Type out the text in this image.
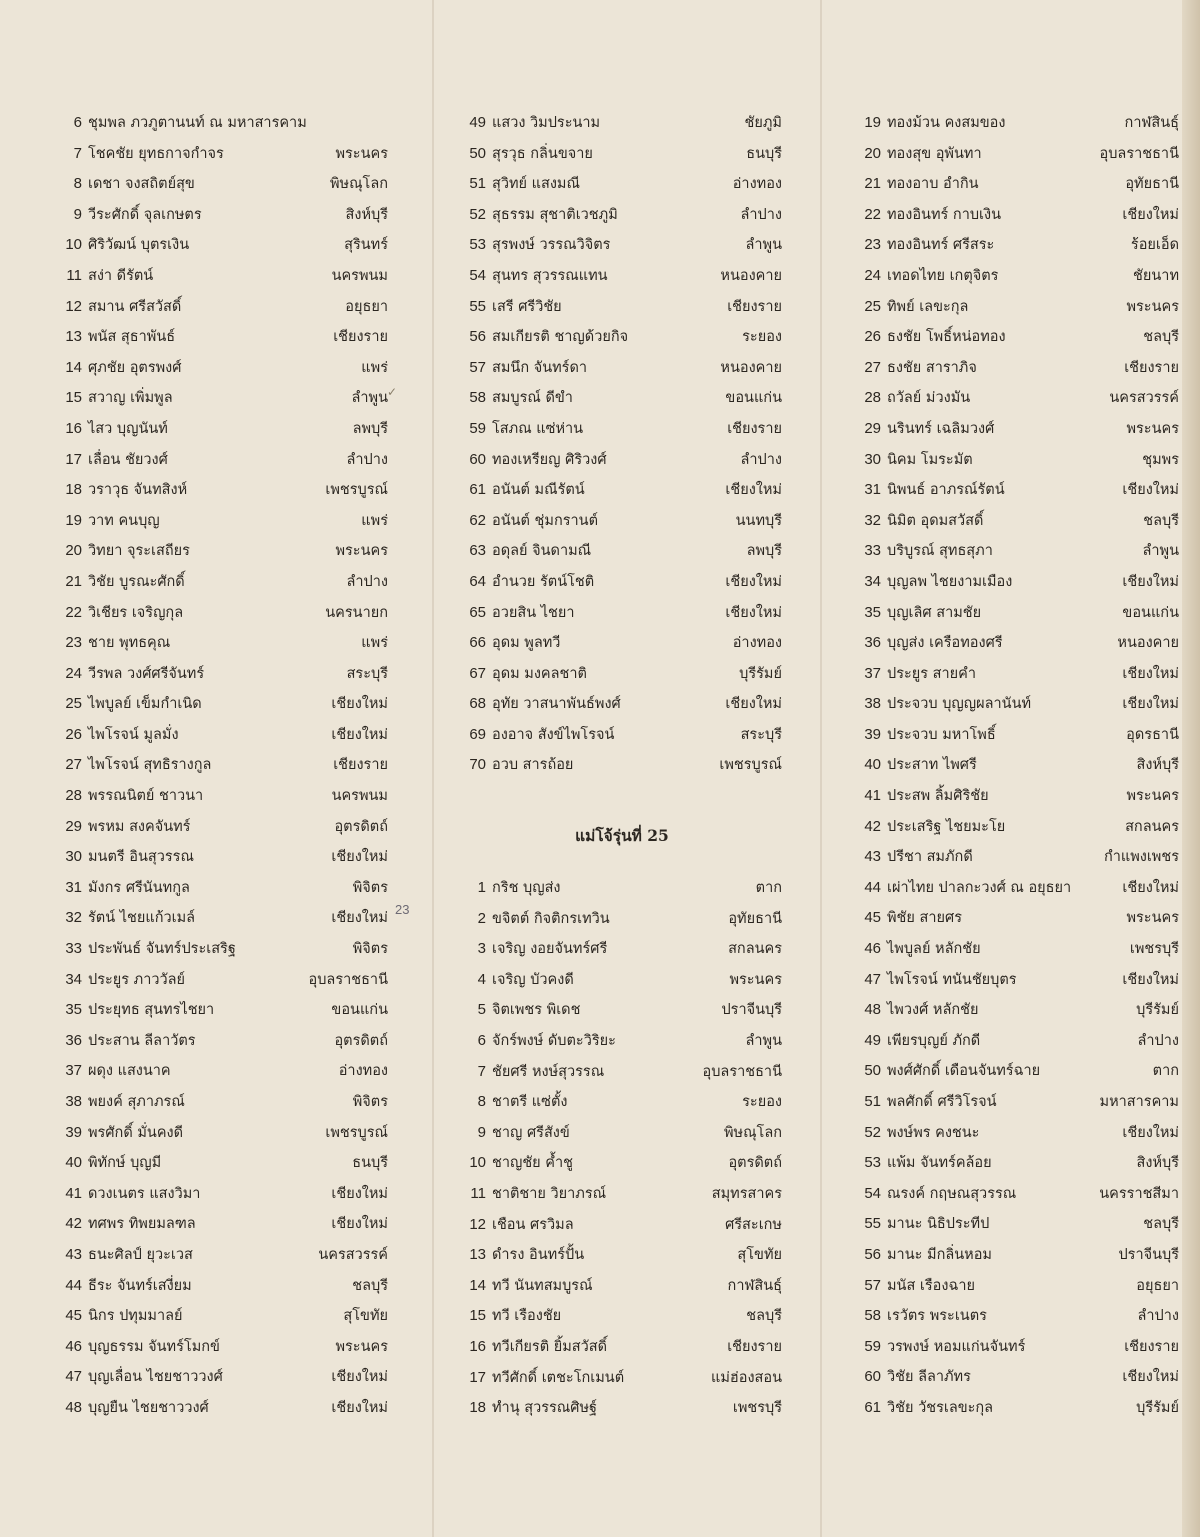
6 ชุมพล ภวภูตานนท์ ณ มหาสารคาม
7 โชคชัย ยุทธกาจกำจร	พระนคร
8 เดชา จงสถิตย์สุข	พิษณุโลก
9 วีระศักดิ์ จุลเกษตร	สิงห์บุรี
10 ศิริวัฒน์ บุตรเงิน	สุรินทร์
11 สง่า ดีรัตน์	นครพนม
12 สมาน ศรีสวัสดิ์	อยุธยา
13 พนัส สุธาพันธ์	เชียงราย
14 ศุภชัย อุตรพงศ์	แพร่
15 สวาญ เพิ่มพูล	ลำพูน
16 ไสว บุญนันท์	ลพบุรี
17 เลื่อน ชัยวงศ์	ลำปาง
18 วราวุธ จันทสิงห์	เพชรบูรณ์
19 วาท คนบุญ	แพร่
20 วิทยา จุระเสถียร	พระนคร
21 วิชัย บูรณะศักดิ์	ลำปาง
22 วิเชียร เจริญกุล	นครนายก
23 ชาย พุทธคุณ	แพร่
24 วีรพล วงศ์ศรีจันทร์	สระบุรี
25 ไพบูลย์ เข็มกำเนิด	เชียงใหม่
26 ไพโรจน์ มูลมั่ง	เชียงใหม่
27 ไพโรจน์ สุทธิรางกูล	เชียงราย
28 พรรณนิตย์ ชาวนา	นครพนม
29 พรหม สงคจันทร์	อุตรดิตถ์
30 มนตรี อินสุวรรณ	เชียงใหม่
31 มังกร ศรีนันทกูล	พิจิตร
32 รัตน์ ไชยแก้วเมล์	เชียงใหม่
33 ประพันธ์ จันทร์ประเสริฐ	พิจิตร
34 ประยูร ภาววัลย์	อุบลราชธานี
35 ประยุทธ สุนทรไชยา	ขอนแก่น
36 ประสาน ลีลาวัตร	อุตรดิตถ์
37 ผดุง แสงนาค	อ่างทอง
38 พยงค์ สุภาภรณ์	พิจิตร
39 พรศักดิ์ มั่นคงดี	เพชรบูรณ์
40 พิทักษ์ บุญมี	ธนบุรี
41 ดวงเนตร แสงวิมา	เชียงใหม่
42 ทศพร ทิพยมลฑล	เชียงใหม่
43 ธนะศิลป์ ยุวะเวส	นครสวรรค์
44 ธีระ จันทร์เสงี่ยม	ชลบุรี
45 นิกร ปทุมมาลย์	สุโขทัย
46 บุญธรรม จันทร์โมกข์	พระนคร
47 บุญเลื่อน ไชยชาววงศ์	เชียงใหม่
48 บุญยืน ไชยชาววงศ์	เชียงใหม่
49 แสวง วิมประนาม	ชัยภูมิ
50 สุรวุธ กลิ่นขจาย	ธนบุรี
51 สุวิทย์ แสงมณี	อ่างทอง
52 สุธรรม สุชาติเวชภูมิ	ลำปาง
53 สุรพงษ์ วรรณวิจิตร	ลำพูน
54 สุนทร สุวรรณแทน	หนองคาย
55 เสรี ศรีวิชัย	เชียงราย
56 สมเกียรติ ชาญด้วยกิจ	ระยอง
57 สมนึก จันทร์ดา	หนองคาย
58 สมบูรณ์ ดีขำ	ขอนแก่น
59 โสภณ แซ่ห่าน	เชียงราย
60 ทองเหรียญ ศิริวงศ์	ลำปาง
61 อนันต์ มณีรัตน์	เชียงใหม่
62 อนันต์ ชุ่มกรานต์	นนทบุรี
63 อดุลย์ จินดามณี	ลพบุรี
64 อำนวย รัตน์โชติ	เชียงใหม่
65 อวยสิน ไชยา	เชียงใหม่
66 อุดม พูลทวี	อ่างทอง
67 อุดม มงคลชาติ	บุรีรัมย์
68 อุทัย วาสนาพันธ์พงศ์	เชียงใหม่
69 องอาจ สังข์ไพโรจน์	สระบุรี
70 อวบ สารถ้อย	เพชรบูรณ์
แม่โจ้รุ่นที่ 25
1 กริช บุญส่ง	ตาก
2 ขจิตต์ กิจติกรเทวิน	อุทัยธานี
3 เจริญ งอยจันทร์ศรี	สกลนคร
4 เจริญ บัวคงดี	พระนคร
5 จิตเพชร พิเดช	ปราจีนบุรี
6 จักร์พงษ์ ดับตะวิริยะ	ลำพูน
7 ชัยศรี หงษ์สุวรรณ	อุบลราชธานี
8 ชาตรี แซ่ตั้ง	ระยอง
9 ชาญ ศรีสังข์	พิษณุโลก
10 ชาญชัย ค้ำชู	อุตรดิตถ์
11 ชาติชาย วิยาภรณ์	สมุทรสาคร
12 เชือน ศรวิมล	ศรีสะเกษ
13 ดำรง อินทร์ปั้น	สุโขทัย
14 ทวี นันทสมบูรณ์	กาฬสินธุ์
15 ทวี เรืองชัย	ชลบุรี
16 ทวีเกียรติ ยิ้มสวัสดิ์	เชียงราย
17 ทวีศักดิ์ เตชะโกเมนต์	แม่ฮ่องสอน
18 ทำนุ สุวรรณศิษฐ์	เพชรบุรี
19 ทองม้วน คงสมของ	กาฬสินธุ์
20 ทองสุข อุพันทา	อุบลราชธานี
21 ทองอาบ อำกิน	อุทัยธานี
22 ทองอินทร์ กาบเงิน	เชียงใหม่
23 ทองอินทร์ ศรีสระ	ร้อยเอ็ด
24 เทอดไทย เกตุจิตร	ชัยนาท
25 ทิพย์ เลขะกุล	พระนคร
26 ธงชัย โพธิ์หน่อทอง	ชลบุรี
27 ธงชัย สาราภิจ	เชียงราย
28 ถวัลย์ ม่วงมัน	นครสวรรค์
29 นรินทร์ เฉลิมวงศ์	พระนคร
30 นิคม โมระมัต	ชุมพร
31 นิพนธ์ อาภรณ์รัตน์	เชียงใหม่
32 นิมิต อุดมสวัสดิ์	ชลบุรี
33 บริบูรณ์ สุทธสุภา	ลำพูน
34 บุญลพ ไชยงามเมือง	เชียงใหม่
35 บุญเลิศ สามชัย	ขอนแก่น
36 บุญส่ง เครือทองศรี	หนองคาย
37 ประยูร สายคำ	เชียงใหม่
38 ประจวบ บุญญผลานันท์	เชียงใหม่
39 ประจวบ มหาโพธิ์	อุดรธานี
40 ประสาท ไพศรี	สิงห์บุรี
41 ประสพ ลิ้มศิริชัย	พระนคร
42 ประเสริฐ ไชยมะโย	สกลนคร
43 ปรีชา สมภักดี	กำแพงเพชร
44 เผ่าไทย ปาลกะวงศ์ ณ อยุธยา	เชียงใหม่
45 พิชัย สายศร	พระนคร
46 ไพบูลย์ หลักชัย	เพชรบุรี
47 ไพโรจน์ ทนันชัยบุตร	เชียงใหม่
48 ไพวงศ์ หลักชัย	บุรีรัมย์
49 เพียรบุญย์ ภักดี	ลำปาง
50 พงศ์ศักดิ์ เดือนจันทร์ฉาย	ตาก
51 พลศักดิ์ ศรีวิโรจน์	มหาสารคาม
52 พงษ์พร คงชนะ	เชียงใหม่
53 แพ้ม จันทร์คล้อย	สิงห์บุรี
54 ณรงค์ กฤษณสุวรรณ	นครราชสีมา
55 มานะ นิธิประทีป	ชลบุรี
56 มานะ มีกลิ่นหอม	ปราจีนบุรี
57 มนัส เรืองฉาย	อยุธยา
58 เรวัตร พระเนตร	ลำปาง
59 วรพงษ์ หอมแก่นจันทร์	เชียงราย
60 วิชัย ลีลาภัทร	เชียงใหม่
61 วิชัย วัชรเลขะกุล	บุรีรัมย์
✓
23
